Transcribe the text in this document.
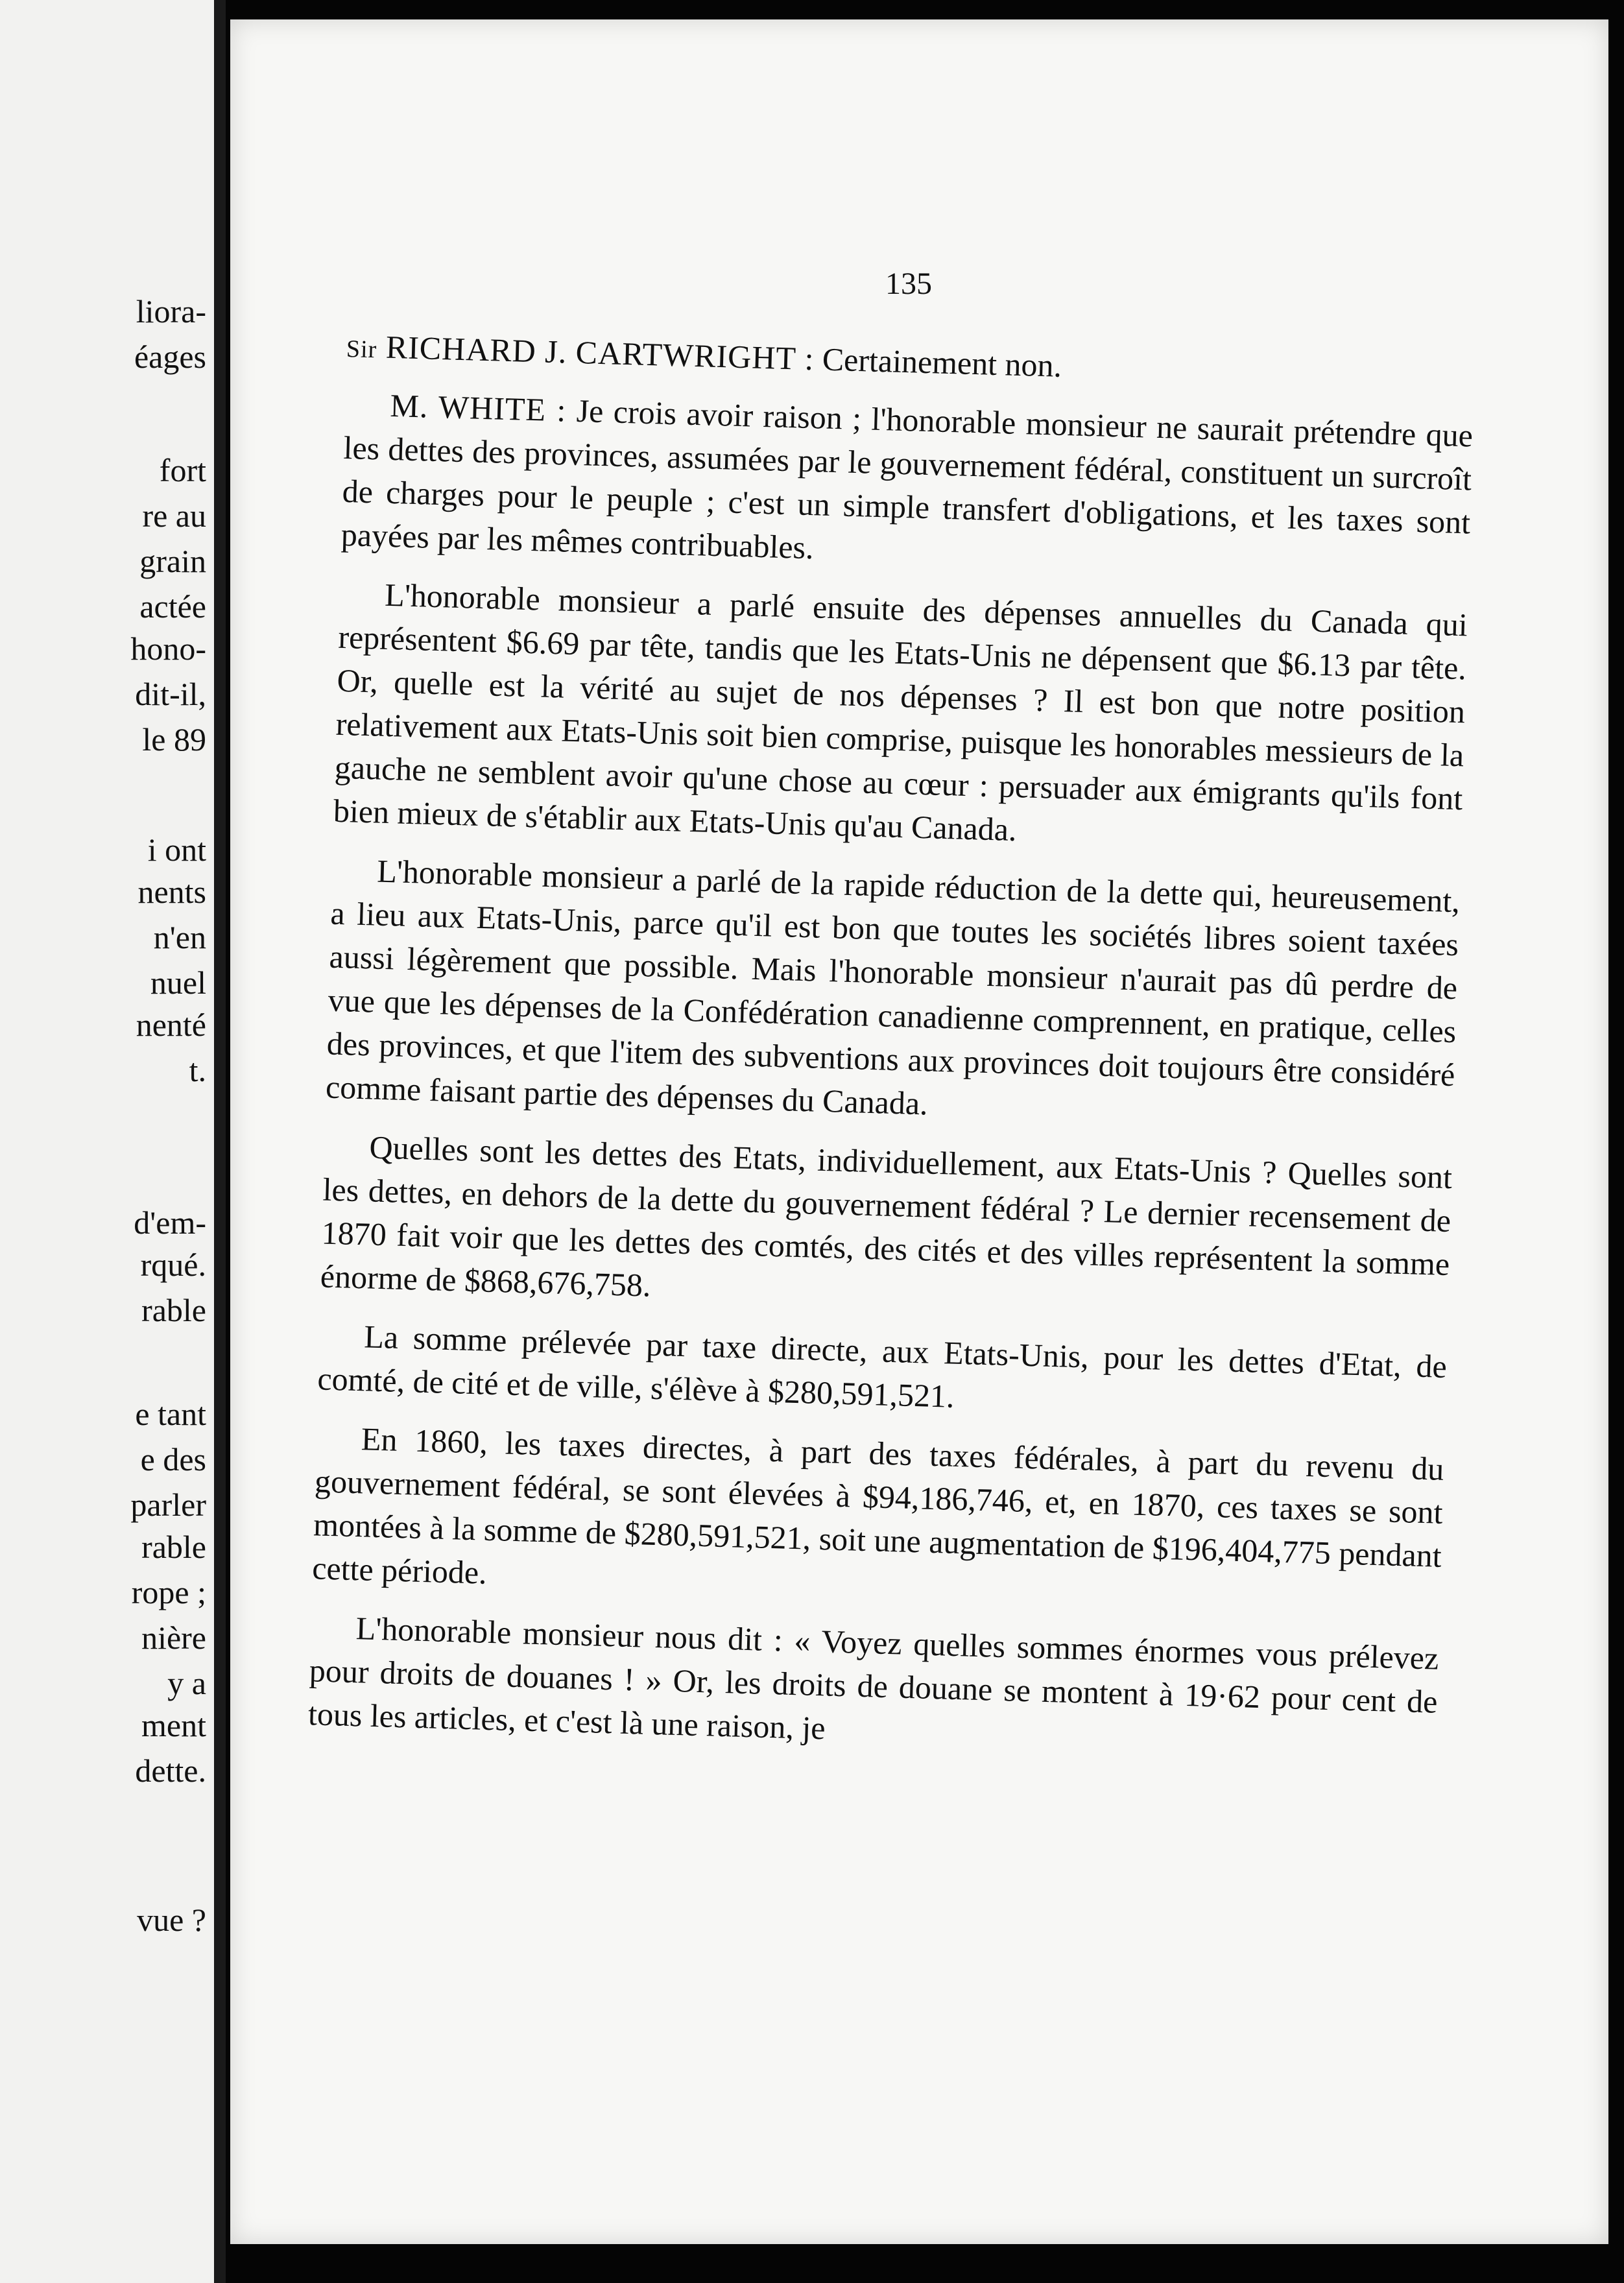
liora-
éages
fort
re au
grain
actée
hono-
dit-il,
le 89
i ont
nents
n'en
nuel
nenté
t.
d'em-
rqué.
rable
e tant
e des
parler
rable
rope ;
nière
y a
ment
dette.
vue ?
135

Sir RICHARD J. CARTWRIGHT : Certainement non.

M. WHITE : Je crois avoir raison ; l'honorable monsieur ne saurait prétendre que les dettes des provinces, assumées par le gouvernement fédéral, constituent un surcroît de charges pour le peuple ; c'est un simple transfert d'obligations, et les taxes sont payées par les mêmes contribuables.

L'honorable monsieur a parlé ensuite des dépenses annuelles du Canada qui représentent $6.69 par tête, tandis que les Etats-Unis ne dépensent que $6.13 par tête. Or, quelle est la vérité au sujet de nos dépenses ? Il est bon que notre position relativement aux Etats-Unis soit bien comprise, puisque les honorables messieurs de la gauche ne semblent avoir qu'une chose au cœur : persuader aux émigrants qu'ils font bien mieux de s'établir aux Etats-Unis qu'au Canada.

L'honorable monsieur a parlé de la rapide réduction de la dette qui, heureusement, a lieu aux Etats-Unis, parce qu'il est bon que toutes les sociétés libres soient taxées aussi légèrement que possible. Mais l'honorable monsieur n'aurait pas dû perdre de vue que les dépenses de la Confédération canadienne comprennent, en pratique, celles des provinces, et que l'item des subventions aux provinces doit toujours être considéré comme faisant partie des dépenses du Canada.

Quelles sont les dettes des Etats, individuellement, aux Etats-Unis ? Quelles sont les dettes, en dehors de la dette du gouvernement fédéral ? Le dernier recensement de 1870 fait voir que les dettes des comtés, des cités et des villes représentent la somme énorme de $868,676,758.

La somme prélevée par taxe directe, aux Etats-Unis, pour les dettes d'Etat, de comté, de cité et de ville, s'élève à $280,591,521.

En 1860, les taxes directes, à part des taxes fédérales, à part du revenu du gouvernement fédéral, se sont élevées à $94,186,746, et, en 1870, ces taxes se sont montées à la somme de $280,591,521, soit une augmentation de $196,404,775 pendant cette période.

L'honorable monsieur nous dit : « Voyez quelles sommes énormes vous prélevez pour droits de douanes ! » Or, les droits de douane se montent à 19·62 pour cent de tous les articles, et c'est là une raison, je
